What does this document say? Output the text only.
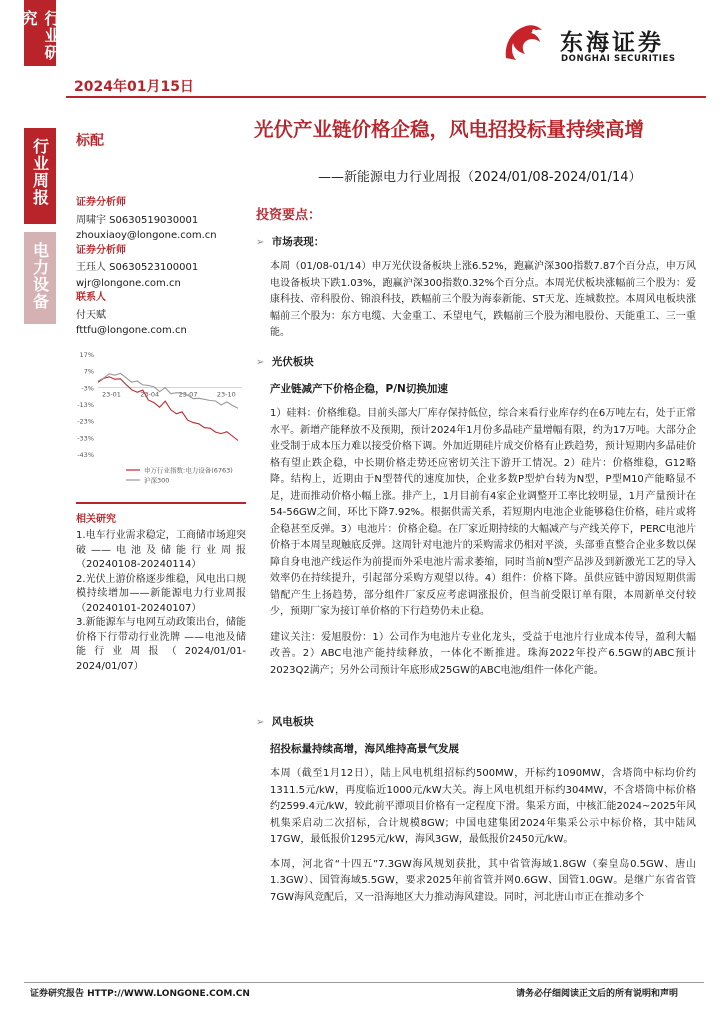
行业研究
行业周报
电力设备
2024年01月15日
东海证券
DONGHAI SECURITIES
标配	光伏产业链价格企稳，风电招投标量持续高增
——新能源电力行业周报（2024/01/08-2024/01/14）
证券分析师
周啸宇 S0630519030001
zhouxiaoy@longone.com.cn
证券分析师
王珏人 S0630523100001
wjr@longone.com.cn
联系人
付天赋
fttfu@longone.com.cn
17%
7%
-3%
-13%
-23%
-33%
-43%
23-01	23-04	23-07	23-10
申万行业指数:电力设备(6763)
沪深300
相关研究
1.电车行业需求稳定，工商储市场迎突破——电池及储能行业周报（20240108-20240114）
2.光伏上游价格逐步维稳，风电出口规模持续增加——新能源电力行业周报（20240101-20240107）
3.新能源车与电网互动政策出台，储能价格下行带动行业洗牌 ——电池及储能行业周报（2024/01/01-2024/01/07）
投资要点：
➢ 市场表现：
本周（01/08-01/14）申万光伏设备板块上涨6.52%，跑赢沪深300指数7.87个百分点，申万风电设备板块下跌1.03%，跑赢沪深300指数0.32%个百分点。本周光伏板块涨幅前三个股为：爱康科技、帝科股份、锦浪科技，跌幅前三个股为海泰新能、ST天龙、连城数控。本周风电板块涨幅前三个股为：东方电缆、大金重工、禾望电气，跌幅前三个股为湘电股份、天能重工、三一重能。
➢ 光伏板块
产业链减产下价格企稳，P/N切换加速
1）硅料：价格维稳。目前头部大厂库存保持低位，综合来看行业库存约在6万吨左右，处于正常水平。新增产能释放不及预期，预计2024年1月份多晶硅产量增幅有限，约为17万吨。大部分企业受制于成本压力难以接受价格下调。外加近期硅片成交价格有止跌趋势，预计短期内多晶硅价格有望止跌企稳，中长期价格走势还应密切关注下游开工情况。2）硅片：价格维稳，G12略降。结构上，近期由于N型替代的速度加快，企业多数P型炉台转为N型，P型M10产能略显不足，进而推动价格小幅上涨。排产上，1月目前有4家企业调整开工率比较明显，1月产量预计在54-56GW之间，环比下降7.92%。根据供需关系，若短期内电池企业能够稳住价格，硅片或将企稳甚至反弹。3）电池片：价格企稳。在厂家近期持续的大幅减产与产线关停下，PERC电池片价格于本周呈现触底反弹。这周针对电池片的采购需求仍相对平淡，头部垂直整合企业多数以保障自身电池产线运作为前提而外采电池片需求萎缩，同时当前N型产品涉及到新激光工艺的导入效率仍在持续提升，引起部分采购方观望以待。4）组件：价格下降。虽供应链中游因短期供需错配产生上扬趋势，部分组件厂家反应考虑调涨报价，但当前受限订单有限，本周新单交付较少，预期厂家为接订单价格的下行趋势仍未止稳。
建议关注：爱旭股份：1）公司作为电池片专业化龙头，受益于电池片行业成本传导，盈利大幅改善。2）ABC电池产能持续释放，一体化不断推进。珠海2022年投产6.5GW的ABC预计2023Q2满产；另外公司预计年底形成25GW的ABC电池/组件一体化产能。
➢ 风电板块
招投标量持续高增，海风维持高景气发展
本周（截至1月12日），陆上风电机组招标约500MW，开标约1090MW，含塔筒中标均价约1311.5元/kW，再度临近1000元/kW大关。海上风电机组开标约304MW，不含塔筒中标价格约2599.4元/kW，较此前平潭项目价格有一定程度下滑。集采方面，中核汇能2024~2025年风机集采启动二次招标，合计规模8GW；中国电建集团2024年集采公示中标价格，其中陆风17GW，最低报价1295元/kW，海风3GW，最低报价2450元/kW。
本周，河北省“十四五”7.3GW海风规划获批，其中省管海域1.8GW（秦皇岛0.5GW、唐山1.3GW）、国管海域5.5GW，要求2025年前省管并网0.6GW、国管1.0GW。是继广东省省管7GW海风竞配后，又一沿海地区大力推动海风建设。同时，河北唐山市正在推动多个
证券研究报告 HTTP://WWW.LONGONE.COM.CN	请务必仔细阅读正文后的所有说明和声明
